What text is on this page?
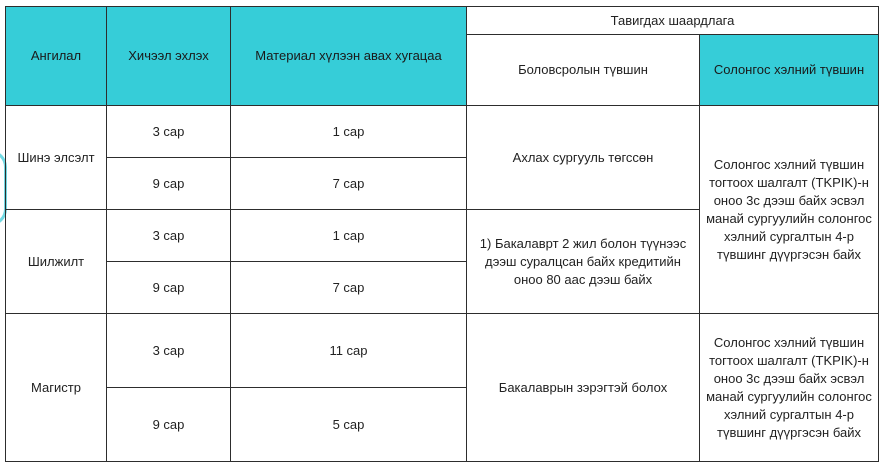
Ангилал	Хичээл эхлэх	Материал хүлээн авах хугацаа	Тавигдах шаардлага	
			Боловсролын түвшин	Солонгос хэлний түвшин
Шинэ элсэлт	3 сар	1 сар	Ахлах сургууль төгссөн	Солонгос хэлний түвшин тогтоох шалгалт (TKPIK)-н оноо 3с дээш байх эсвэл манай сургуулийн солонгос хэлний сургалтын 4-р түвшинг дүүргэсэн байх
	9 сар	7 сар		
Шилжилт	3 сар	1 сар	1) Бакалаврт 2 жил болон түүнээс дээш суралцсан байх кредитийн оноо 80 аас дээш байх	
	9 сар	7 сар		
Магистр	3 сар	11 сар	Бакалаврын зэрэгтэй болох	Солонгос хэлний түвшин тогтоох шалгалт (TKPIK)-н оноо 3с дээш байх эсвэл манай сургуулийн солонгос хэлний сургалтын 4-р түвшинг дүүргэсэн байх
	9 сар	5 сар		
